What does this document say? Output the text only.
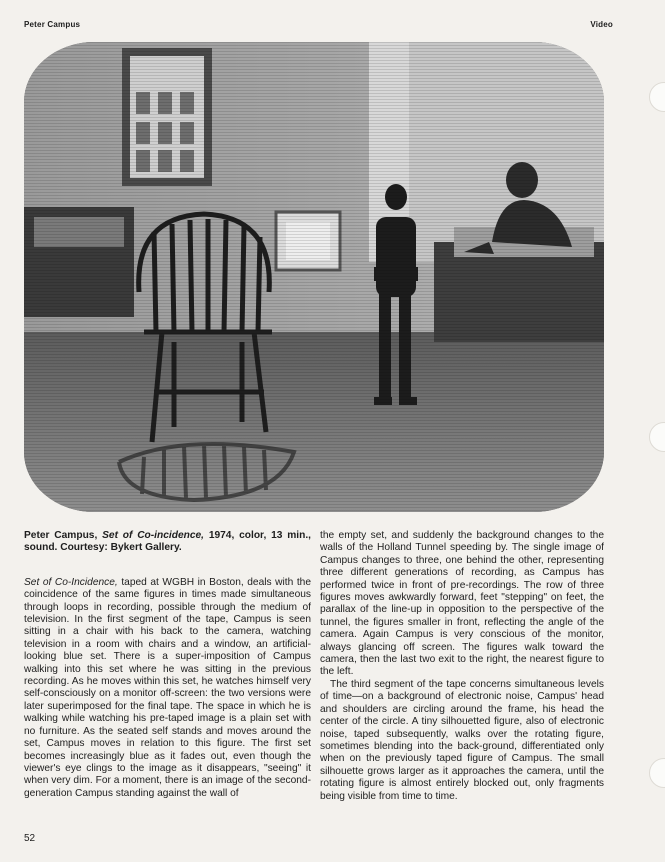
Peter Campus	Video

Peter Campus, Set of Co-incidence, 1974, color, 13 min., sound. Courtesy: Bykert Gallery.

Set of Co-Incidence, taped at WGBH in Boston, deals with the coincidence of the same figures in times made simultaneous through loops in recording, possible through the medium of television. In the first segment of the tape, Campus is seen sitting in a chair with his back to the camera, watching television in a room with chairs and a window, an artificial-looking blue set. There is a super-imposition of Campus walking into this set where he was sitting in the previous recording. As he moves within this set, he watches himself very self-consciously on a monitor off-screen: the two versions were later superimposed for the final tape. The space in which he is walking while watching his pre-taped image is a plain set with no furniture. As the seated self stands and moves around the set, Campus moves in relation to this figure. The first set becomes increasingly blue as it fades out, even though the viewer's eye clings to the image as it disappears, "seeing" it when very dim. For a moment, there is an image of the second-generation Campus standing against the wall of

the empty set, and suddenly the background changes to the walls of the Holland Tunnel speeding by. The single image of Campus changes to three, one behind the other, representing three different generations of recording, as Campus has performed twice in front of pre-recordings. The row of three figures moves awkwardly forward, feet "stepping" on feet, the parallax of the line-up in opposition to the perspective of the tunnel, the figures smaller in front, reflecting the angle of the camera. Again Campus is very conscious of the monitor, always glancing off screen. The figures walk toward the camera, then the last two exit to the right, the nearest figure to the left.

The third segment of the tape concerns simultaneous levels of time—on a background of electronic noise, Campus' head and shoulders are circling around the frame, his head the center of the circle. A tiny silhouetted figure, also of electronic noise, taped subsequently, walks over the rotating figure, sometimes blending into the back-ground, differentiated only when on the previously taped figure of Campus. The small silhouette grows larger as it approaches the camera, until the rotating figure is almost entirely blocked out, only fragments being visible from time to time.

52
